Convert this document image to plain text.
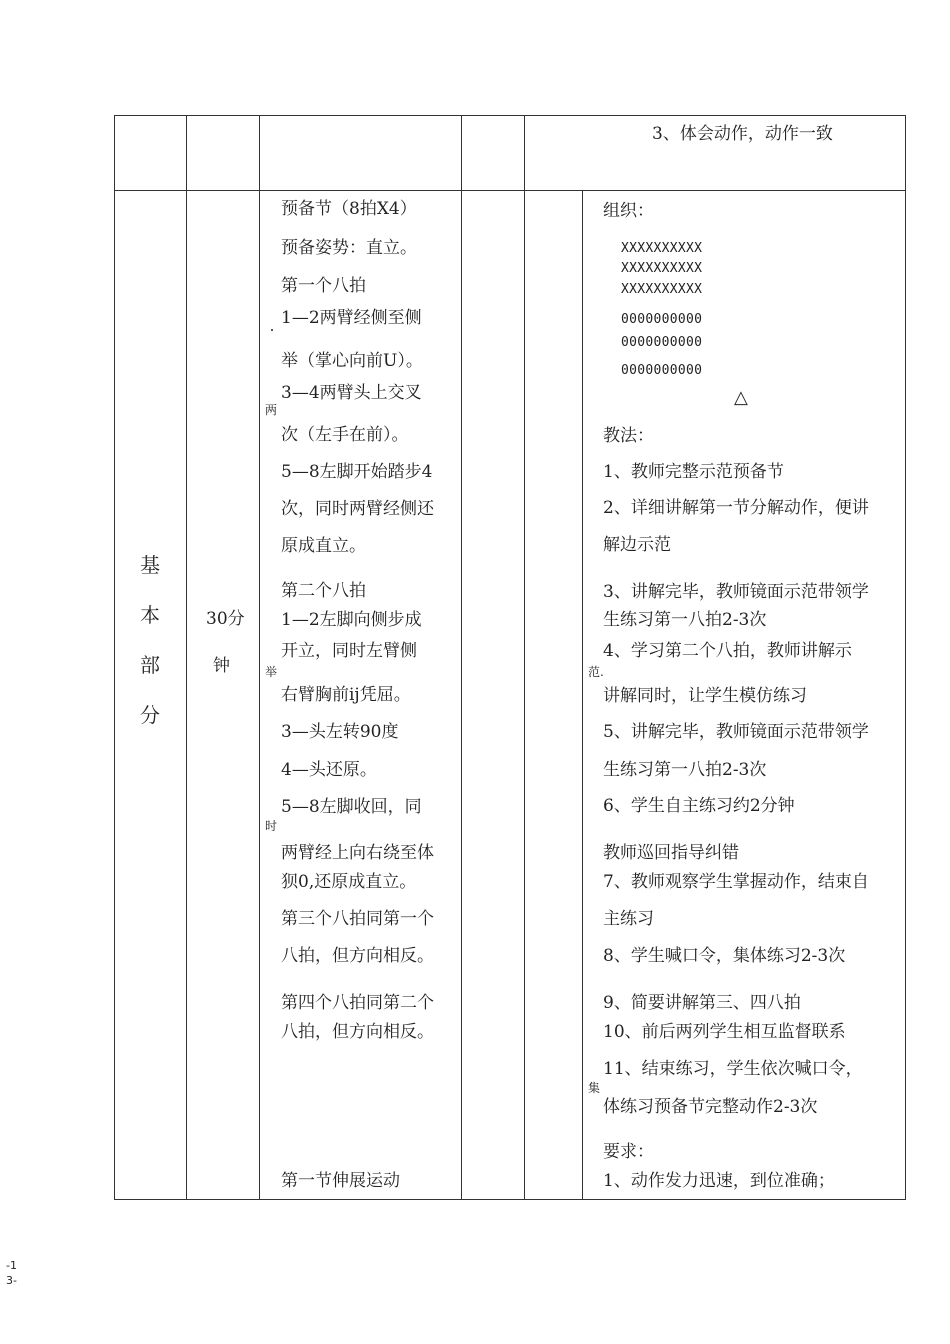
3、体会动作，动作一致
基
本
部
分
30分
钟
预备节（8拍X4）
预备姿势：直立。
第一个八拍
1—2两臂经侧至侧
举（掌心向前U）。
3—4两臂头上交叉
两
次（左手在前）。
5—8左脚开始踏步4
次，同时两臂经侧还
原成直立。
第二个八拍
1—2左脚向侧步成
开立，同时左臂侧
举
右臂胸前ij凭屈。
3—头左转90度
4—头还原。
5—8左脚收回，同
时
两臂经上向右绕至体
狈0,还原成直立。
第三个八拍同第一个
八拍，但方向相反。
第四个八拍同第二个
八拍，但方向相反。
第一节伸展运动
组织：
XXXXXXXXXX
XXXXXXXXXX
XXXXXXXXXX
0000000000
0000000000
0000000000
△
教法：
1、教师完整示范预备节
2、详细讲解第一节分解动作，便讲
解边示范
3、讲解完毕，教师镜面示范带领学
生练习第一八拍2-3次
4、学习第二个八拍，教师讲解示
范.
讲解同时，让学生模仿练习
5、讲解完毕，教师镜面示范带领学
生练习第一八拍2-3次
6、学生自主练习约2分钟
教师巡回指导纠错
7、教师观察学生掌握动作，结束自
主练习
8、学生喊口令，集体练习2-3次
9、简要讲解第三、四八拍
10、前后两列学生相互监督联系
11、结束练习，学生依次喊口令，
集
体练习预备节完整动作2-3次
要求：
1、动作发力迅速，到位准确；
-1
3-
